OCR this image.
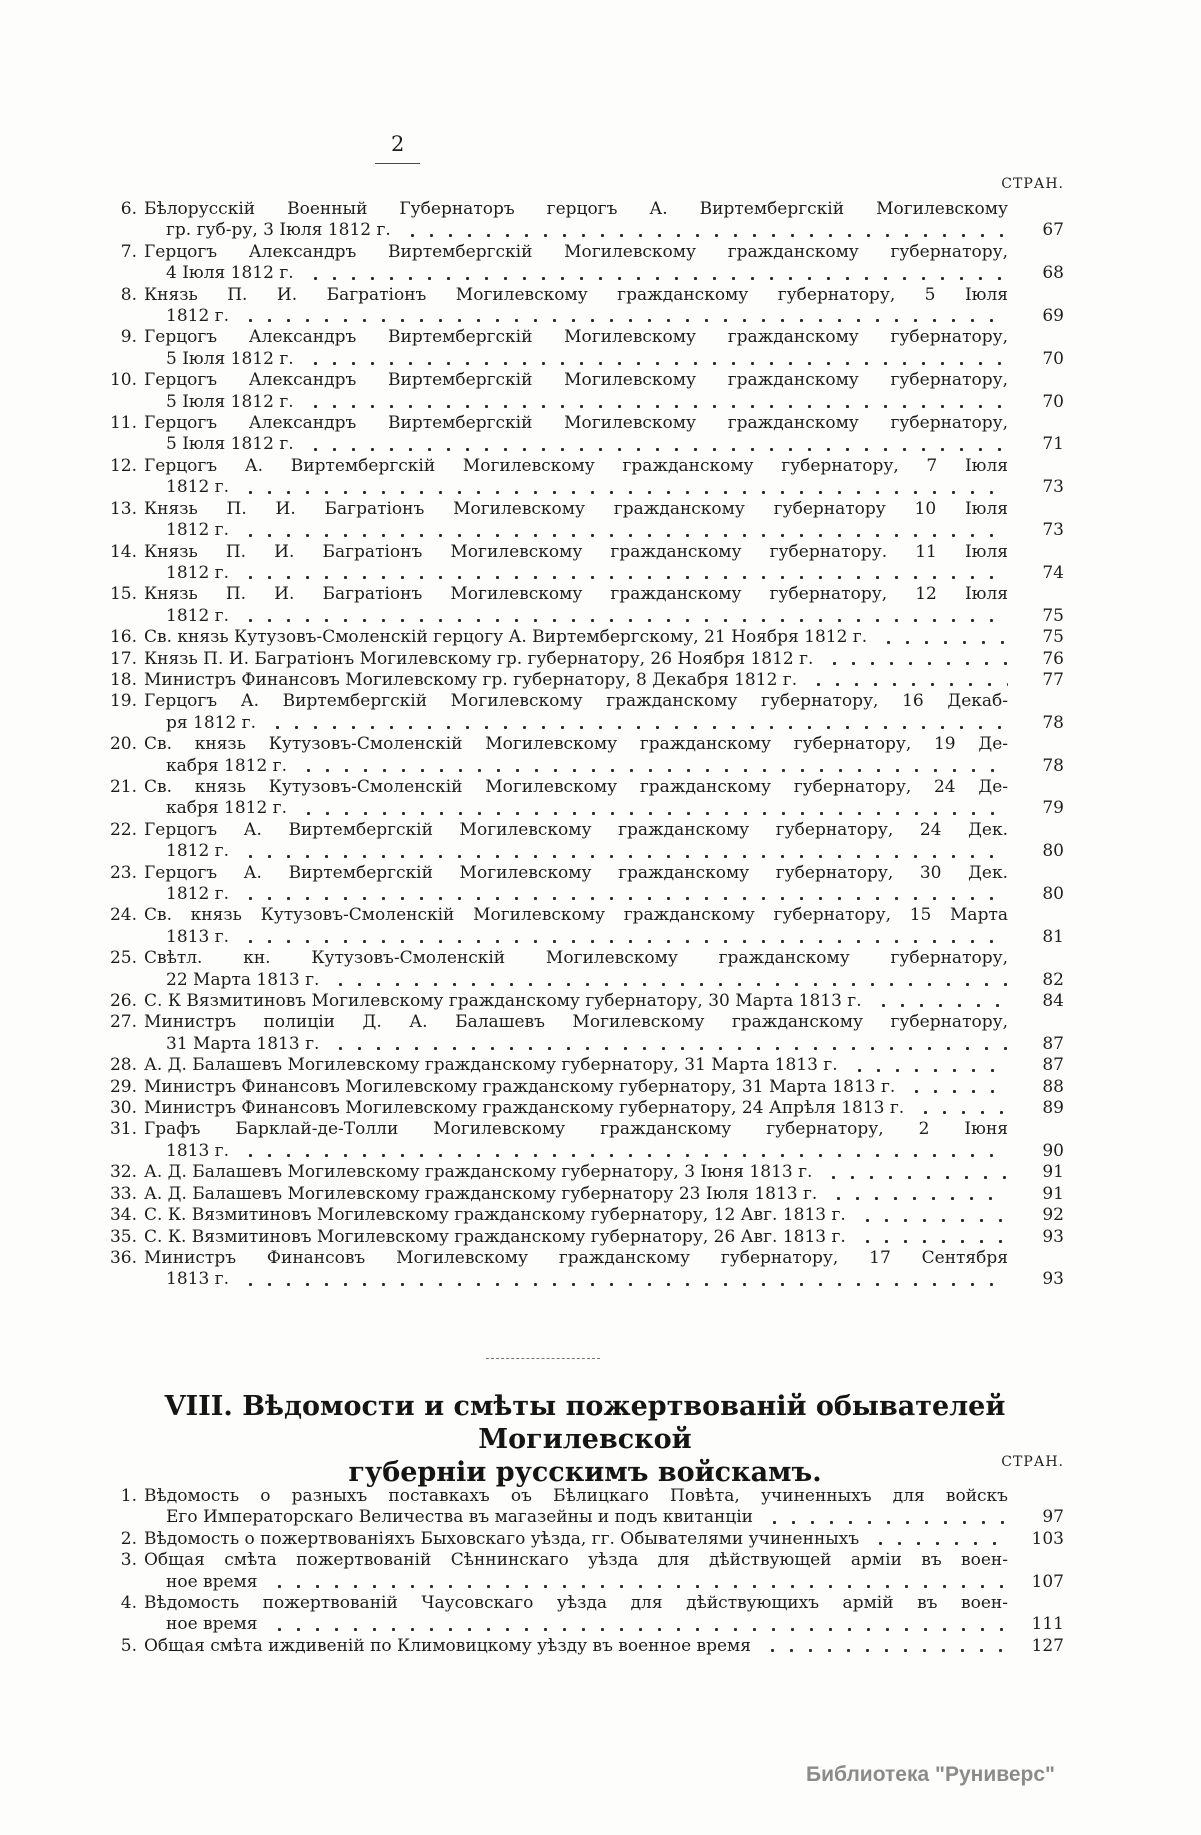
2
СТРАН.
6. Бѣлорусскій Военный Губернаторъ герцогъ А. Виртембергскій Могилевскому
гр. губ-ру, 3 Іюля 1812 г.	67
7. Герцогъ Александръ Виртембергскій Могилевскому гражданскому губернатору,
4 Іюля 1812 г.	68
8. Князь П. И. Багратіонъ Могилевскому гражданскому губернатору, 5 Іюля
1812 г.	69
9. Герцогъ Александръ Виртембергскій Могилевскому гражданскому губернатору,
5 Іюля 1812 г.	70
10. Герцогъ Александръ Виртембергскій Могилевскому гражданскому губернатору,
5 Іюля 1812 г.	70
11. Герцогъ Александръ Виртембергскій Могилевскому гражданскому губернатору,
5 Іюля 1812 г.	71
12. Герцогъ А. Виртембергскій Могилевскому гражданскому губернатору, 7 Іюля
1812 г.	73
13. Князь П. И. Багратіонъ Могилевскому гражданскому губернатору 10 Іюля
1812 г.	73
14. Князь П. И. Багратіонъ Могилевскому гражданскому губернатору. 11 Іюля
1812 г.	74
15. Князь П. И. Багратіонъ Могилевскому гражданскому губернатору, 12 Іюля
1812 г.	75
16. Св. князь Кутузовъ-Смоленскій герцогу А. Виртембергскому, 21 Ноября 1812 г.	75
17. Князь П. И. Багратіонъ Могилевскому гр. губернатору, 26 Ноября 1812 г.	76
18. Министръ Финансовъ Могилевскому гр. губернатору, 8 Декабря 1812 г.	77
19. Герцогъ А. Виртембергскій Могилевскому гражданскому губернатору, 16 Декаб-
ря 1812 г.	78
20. Св. князь Кутузовъ-Смоленскій Могилевскому гражданскому губернатору, 19 Де-
кабря 1812 г.	78
21. Св. князь Кутузовъ-Смоленскій Могилевскому гражданскому губернатору, 24 Де-
кабря 1812 г.	79
22. Герцогъ А. Виртембергскій Могилевскому гражданскому губернатору, 24 Дек.
1812 г.	80
23. Герцогъ А. Виртембергскій Могилевскому гражданскому губернатору, 30 Дек.
1812 г.	80
24. Св. князь Кутузовъ-Смоленскій Могилевскому гражданскому губернатору, 15 Марта
1813 г.	81
25. Свѣтл. кн. Кутузовъ-Смоленскій Могилевскому гражданскому губернатору,
22 Марта 1813 г.	82
26. С. К Вязмитиновъ Могилевскому гражданскому губернатору, 30 Марта 1813 г.	84
27. Министръ полиціи Д. А. Балашевъ Могилевскому гражданскому губернатору,
31 Марта 1813 г.	87
28. А. Д. Балашевъ Могилевскому гражданскому губернатору, 31 Марта 1813 г.	87
29. Министръ Финансовъ Могилевскому гражданскому губернатору, 31 Марта 1813 г.	88
30. Министръ Финансовъ Могилевскому гражданскому губернатору, 24 Апрѣля 1813 г.	89
31. Графъ Барклай-де-Толли Могилевскому гражданскому губернатору, 2 Іюня
1813 г.	90
32. А. Д. Балашевъ Могилевскому гражданскому губернатору, 3 Іюня 1813 г.	91
33. А. Д. Балашевъ Могилевскому гражданскому губернатору 23 Іюля 1813 г.	91
34. С. К. Вязмитиновъ Могилевскому гражданскому губернатору, 12 Авг. 1813 г.	92
35. С. К. Вязмитиновъ Могилевскому гражданскому губернатору, 26 Авг. 1813 г.	93
36. Министръ Финансовъ Могилевскому гражданскому губернатору, 17 Сентября
1813 г.	93
VIII. Вѣдомости и смѣты пожертвованій обывателей Могилевской
губерніи русскимъ войскамъ.	СТРАН.
1. Вѣдомость о разныхъ поставкахъ оъ Бѣлицкаго Повѣта, учиненныхъ для войскъ
Его Императорскаго Величества въ магазейны и подъ квитанціи	97
2. Вѣдомость о пожертвованіяхъ Быховскаго уѣзда, гг. Обывателями учиненныхъ	103
3. Общая смѣта пожертвованій Сѣннинскаго уѣзда для дѣйствующей арміи въ воен-
ное время	107
4. Вѣдомость пожертвованій Чаусовскаго уѣзда для дѣйствующихъ армій въ воен-
ное время	111
5. Общая смѣта иждивеній по Климовицкому уѣзду въ военное время	127
Библиотека "Руниверс"
